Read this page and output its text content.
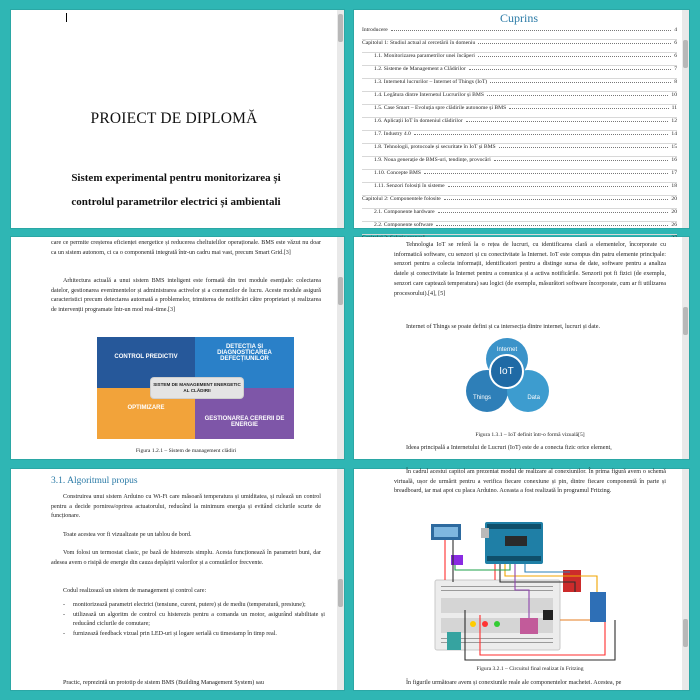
PROIECT DE DIPLOMĂ
Sistem experimental pentru monitorizarea și
controlul parametrilor electrici și ambientali
Cuprins
Introducere	4
Capitolul 1: Studiul actual al cercetării în domeniu	6
1.1. Monitorizarea parametrilor unei încăperi	6
1.2. Sisteme de Management a Clădirilor	7
1.3. Internetul lucrurilor – Internet of Things (IoT)	8
1.4. Legătura dintre Internetul Lucrurilor și BMS	10
1.5. Case Smart – Evoluția spre clădirile autonome și BMS	11
1.6. Aplicații IoT în domeniul clădirilor	12
1.7. Industry 4.0	14
1.8. Tehnologii, protocoale și securitate în IoT și BMS	15
1.9. Noua generație de BMS-uri, tendințe, provocări	16
1.10. Concepte BMS	17
1.11. Senzori folosiți în sisteme	18
Capitolul 2: Componentele folosite	20
2.1. Componente hardware	20
2.2. Componente software	26
care ce permite creșterea eficienței energetice și reducerea cheltuielilor operaționale. BMS este văzut nu doar ca un sistem autonom, ci ca o componentă integrată într-un cadru mai vast, precum Smart Grid.[3]
Arhitectura actuală a unui sistem BMS inteligent este formată din trei module esențiale: colectarea datelor, gestionarea evenimentelor și administrarea activelor și a comenzilor de lucru. Aceste module asigură caracteristici precum detectarea automată a problemelor, trimiterea de notificări către proprietari și realizarea de intervenții programate într-un mod real-time.[3]
CONTROL PREDICTIV
DETECȚIA ȘI DIAGNOSTICAREA DEFECȚIUNILOR
OPTIMIZARE
GESTIONAREA CERERII DE ENERGIE
SISTEM DE MANAGEMENT ENERGETIC AL CLĂDIRII
Figura 1.2.1 – Sistem de management clădiri
Tehnologia IoT se referă la o rețea de lucruri, cu identificarea clară a elementelor, încorporate cu informatică software, cu senzori și cu conectivitate la Internet. IoT este compus din patru elemente principale: senzori pentru a colecta informații, identificatori pentru a distinge sursa de date, software pentru a analiza datele și conectivitate la Internet pentru a comunica și a activa notificările. Senzorii pot fi fizici (de exemplu, senzori care captează temperatura) sau logici (de exemplu, măsurători software încorporate, cum ar fi utilizarea procesorului).[4], [5]
Internet of Things se poate defini și ca intersecția dintre internet, lucruri și date.
Internet
Things	Data
IoT
Figura 1.3.1 – IoT definit într-o formă vizuală[5]
Ideea principală a Internetului de Lucruri (IoT) este de a conecta fizic orice element,
3.1. Algoritmul propus
Construirea unui sistem Arduino cu Wi-Fi care măsoară temperatura și umiditatea, și rulează un control pentru a decide pornirea/oprirea actuatorului, reducând la minimum energia și evitând ciclurile scurte de funcționare.
Toate acestea vor fi vizualizate pe un tablou de bord.
Vom folosi un termostat clasic, pe bază de histerezis simplu. Acesta funcționează în parametri buni, dar adesea avem o risipă de energie din cauza depășirii valorilor și a comutărilor frecvente.
Codul realizează un sistem de management și control care:
- monitorizează parametri electrici (tensiune, curent, putere) și de mediu (temperatură, presiune);
- utilizează un algoritm de control cu histerezis pentru a comanda un motor, asigurând stabilitate și reducând ciclurile de comutare;
- furnizează feedback vizual prin LED-uri și logare serială cu timestamp în timp real.
Practic, reprezintă un prototip de sistem BMS (Building Management System) sau
În cadrul acestui capitol am prezentat modul de realizare al conexiunilor. În prima figură avem o schemă virtuală, ușor de urmărit pentru a verifica fiecare conexiune și pin, dintre fiecare componentă în parte și breadboard, iar mai apoi cu placa Arduino. Aceasta a fost realizată în programul Fritzing.
Figura 3.2.1 – Circuitul final realizat în Fritzing
În figurile următoare avem și conexiunile reale ale componentelor machetei. Acestea, pe
